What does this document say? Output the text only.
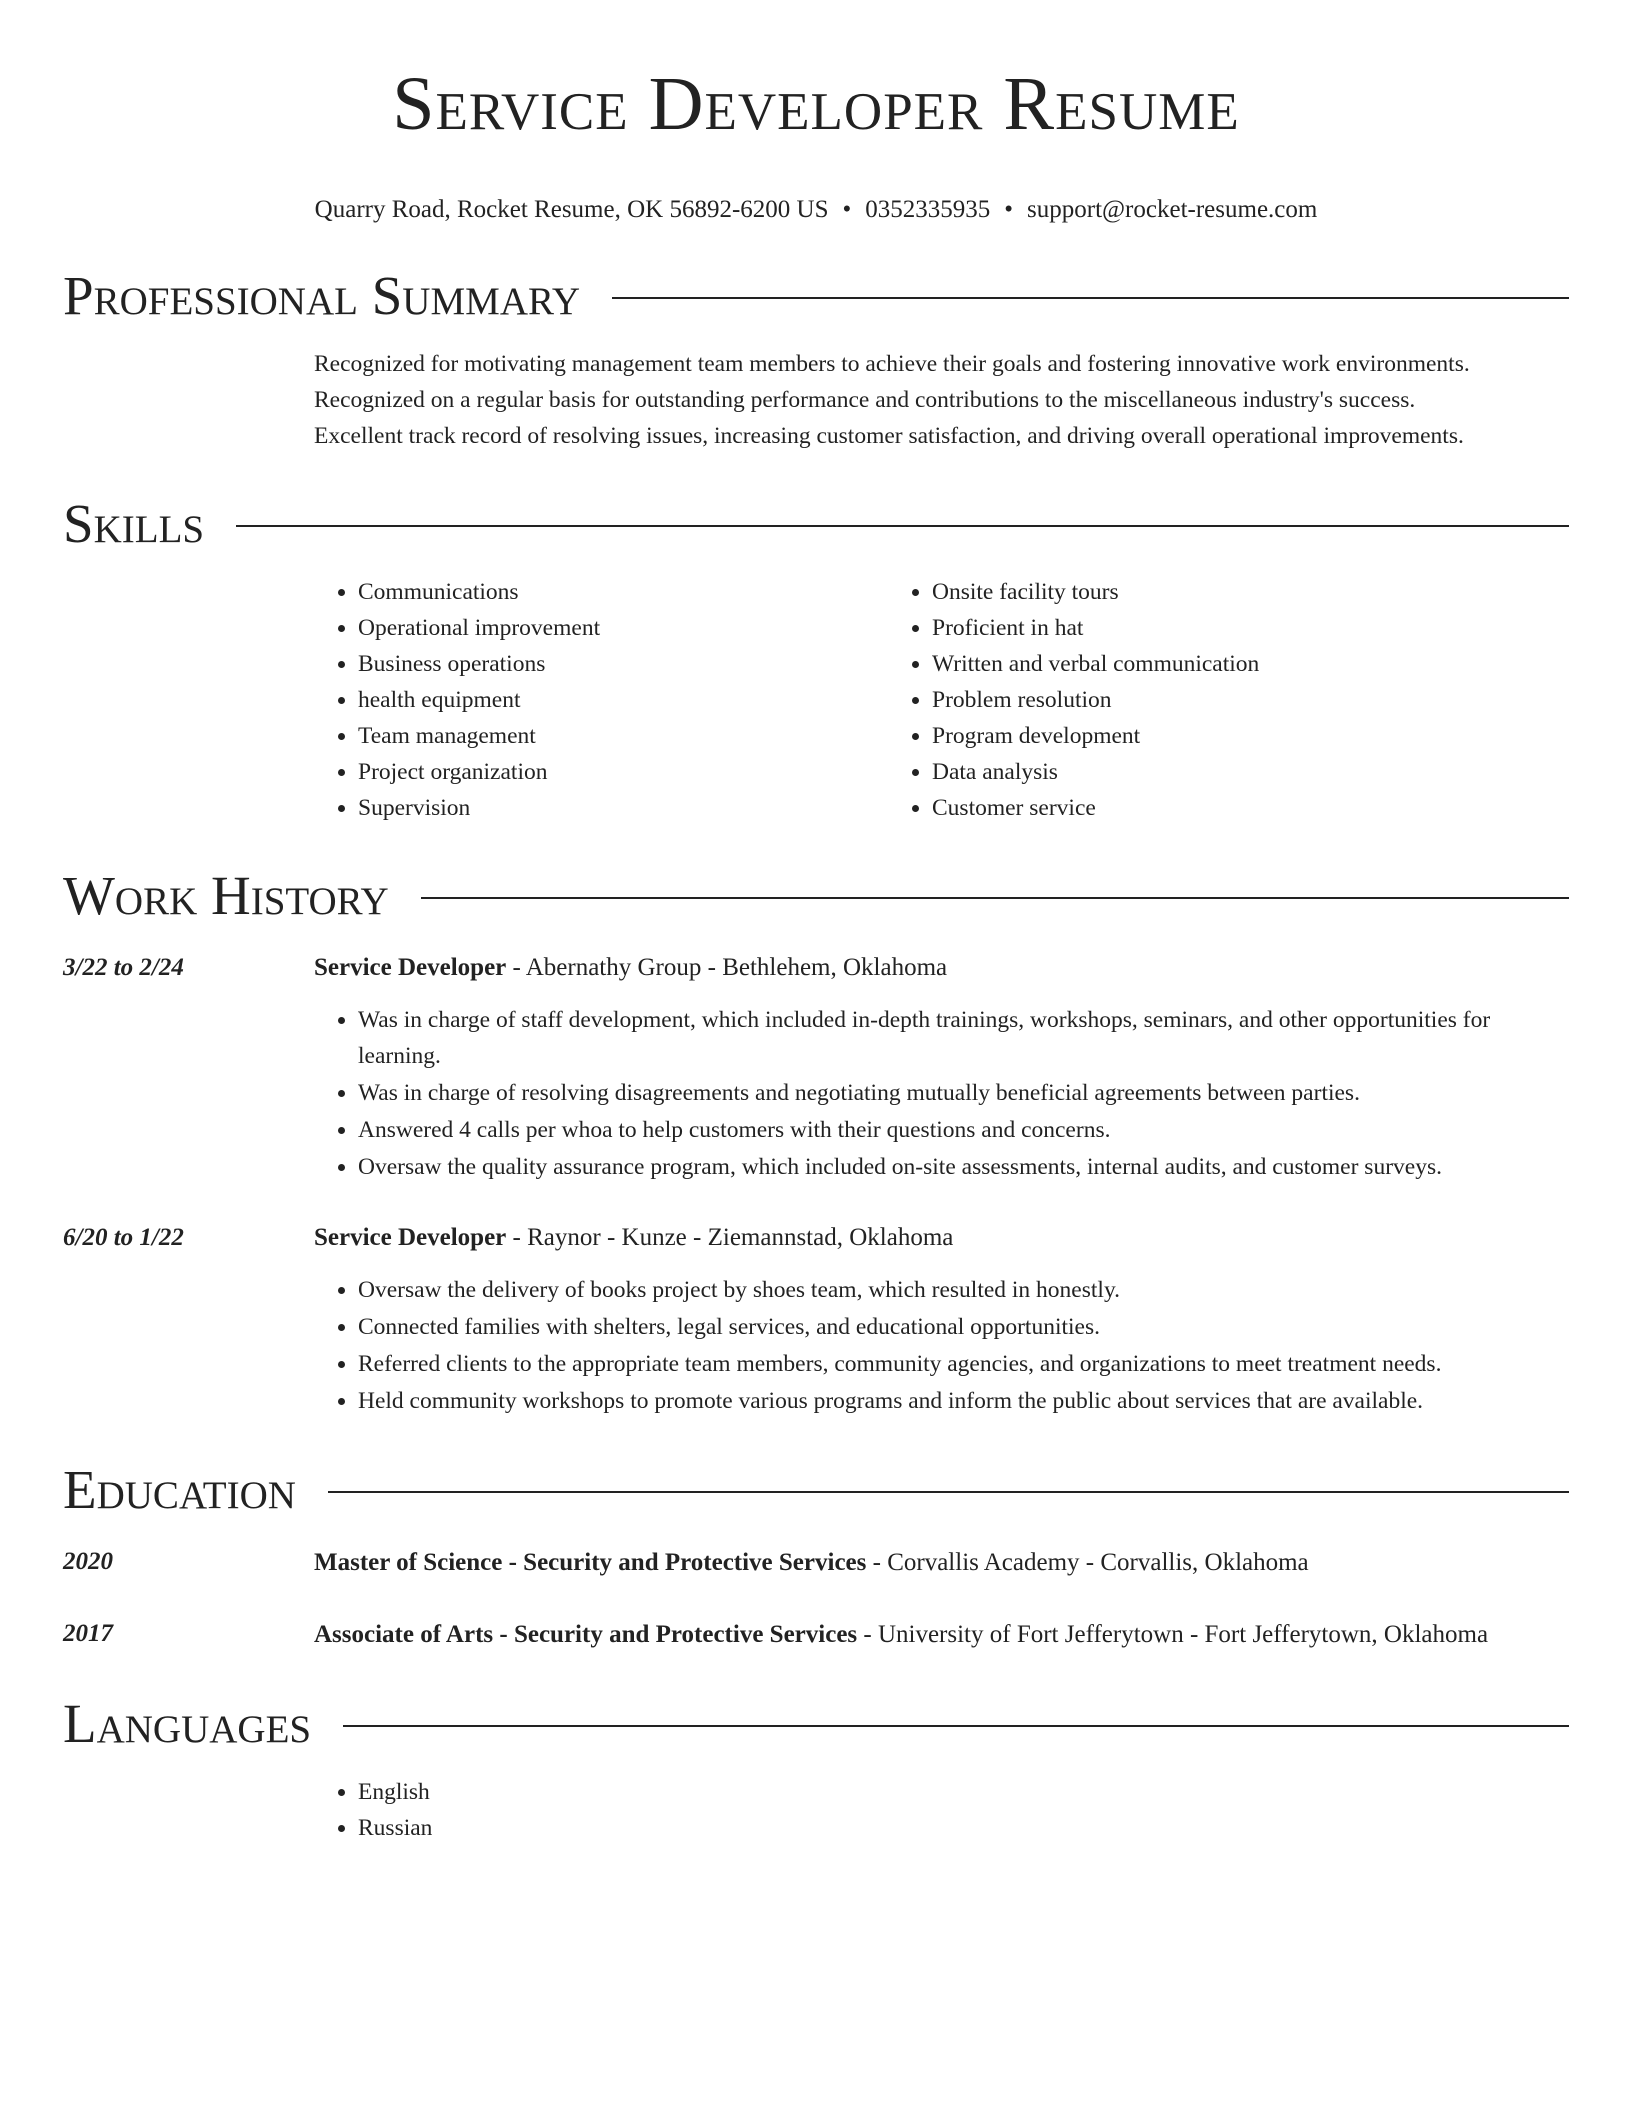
Service Developer Resume
Quarry Road, Rocket Resume, OK 56892-6200 US • 0352335935 • support@rocket-resume.com
Professional Summary

Recognized for motivating management team members to achieve their goals and fostering innovative work environments.

Recognized on a regular basis for outstanding performance and contributions to the miscellaneous industry's success.

Excellent track record of resolving issues, increasing customer satisfaction, and driving overall operational improvements.

Skills
• Communications
• Operational improvement
• Business operations
• health equipment
• Team management
• Project organization
• Supervision
• Onsite facility tours
• Proficient in hat
• Written and verbal communication
• Problem resolution
• Program development
• Data analysis
• Customer service
Work History
3/22 to 2/24	Service Developer - Abernathy Group - Bethlehem, Oklahoma
• Was in charge of staff development, which included in-depth trainings, workshops, seminars, and other opportunities for learning.
• Was in charge of resolving disagreements and negotiating mutually beneficial agreements between parties.
• Answered 4 calls per whoa to help customers with their questions and concerns.
• Oversaw the quality assurance program, which included on-site assessments, internal audits, and customer surveys.
6/20 to 1/22	Service Developer - Raynor - Kunze - Ziemannstad, Oklahoma
• Oversaw the delivery of books project by shoes team, which resulted in honestly.
• Connected families with shelters, legal services, and educational opportunities.
• Referred clients to the appropriate team members, community agencies, and organizations to meet treatment needs.
• Held community workshops to promote various programs and inform the public about services that are available.
Education
2020	Master of Science - Security and Protective Services - Corvallis Academy - Corvallis, Oklahoma
2017	Associate of Arts - Security and Protective Services - University of Fort Jefferytown - Fort Jefferytown, Oklahoma
Languages
• English
• Russian
